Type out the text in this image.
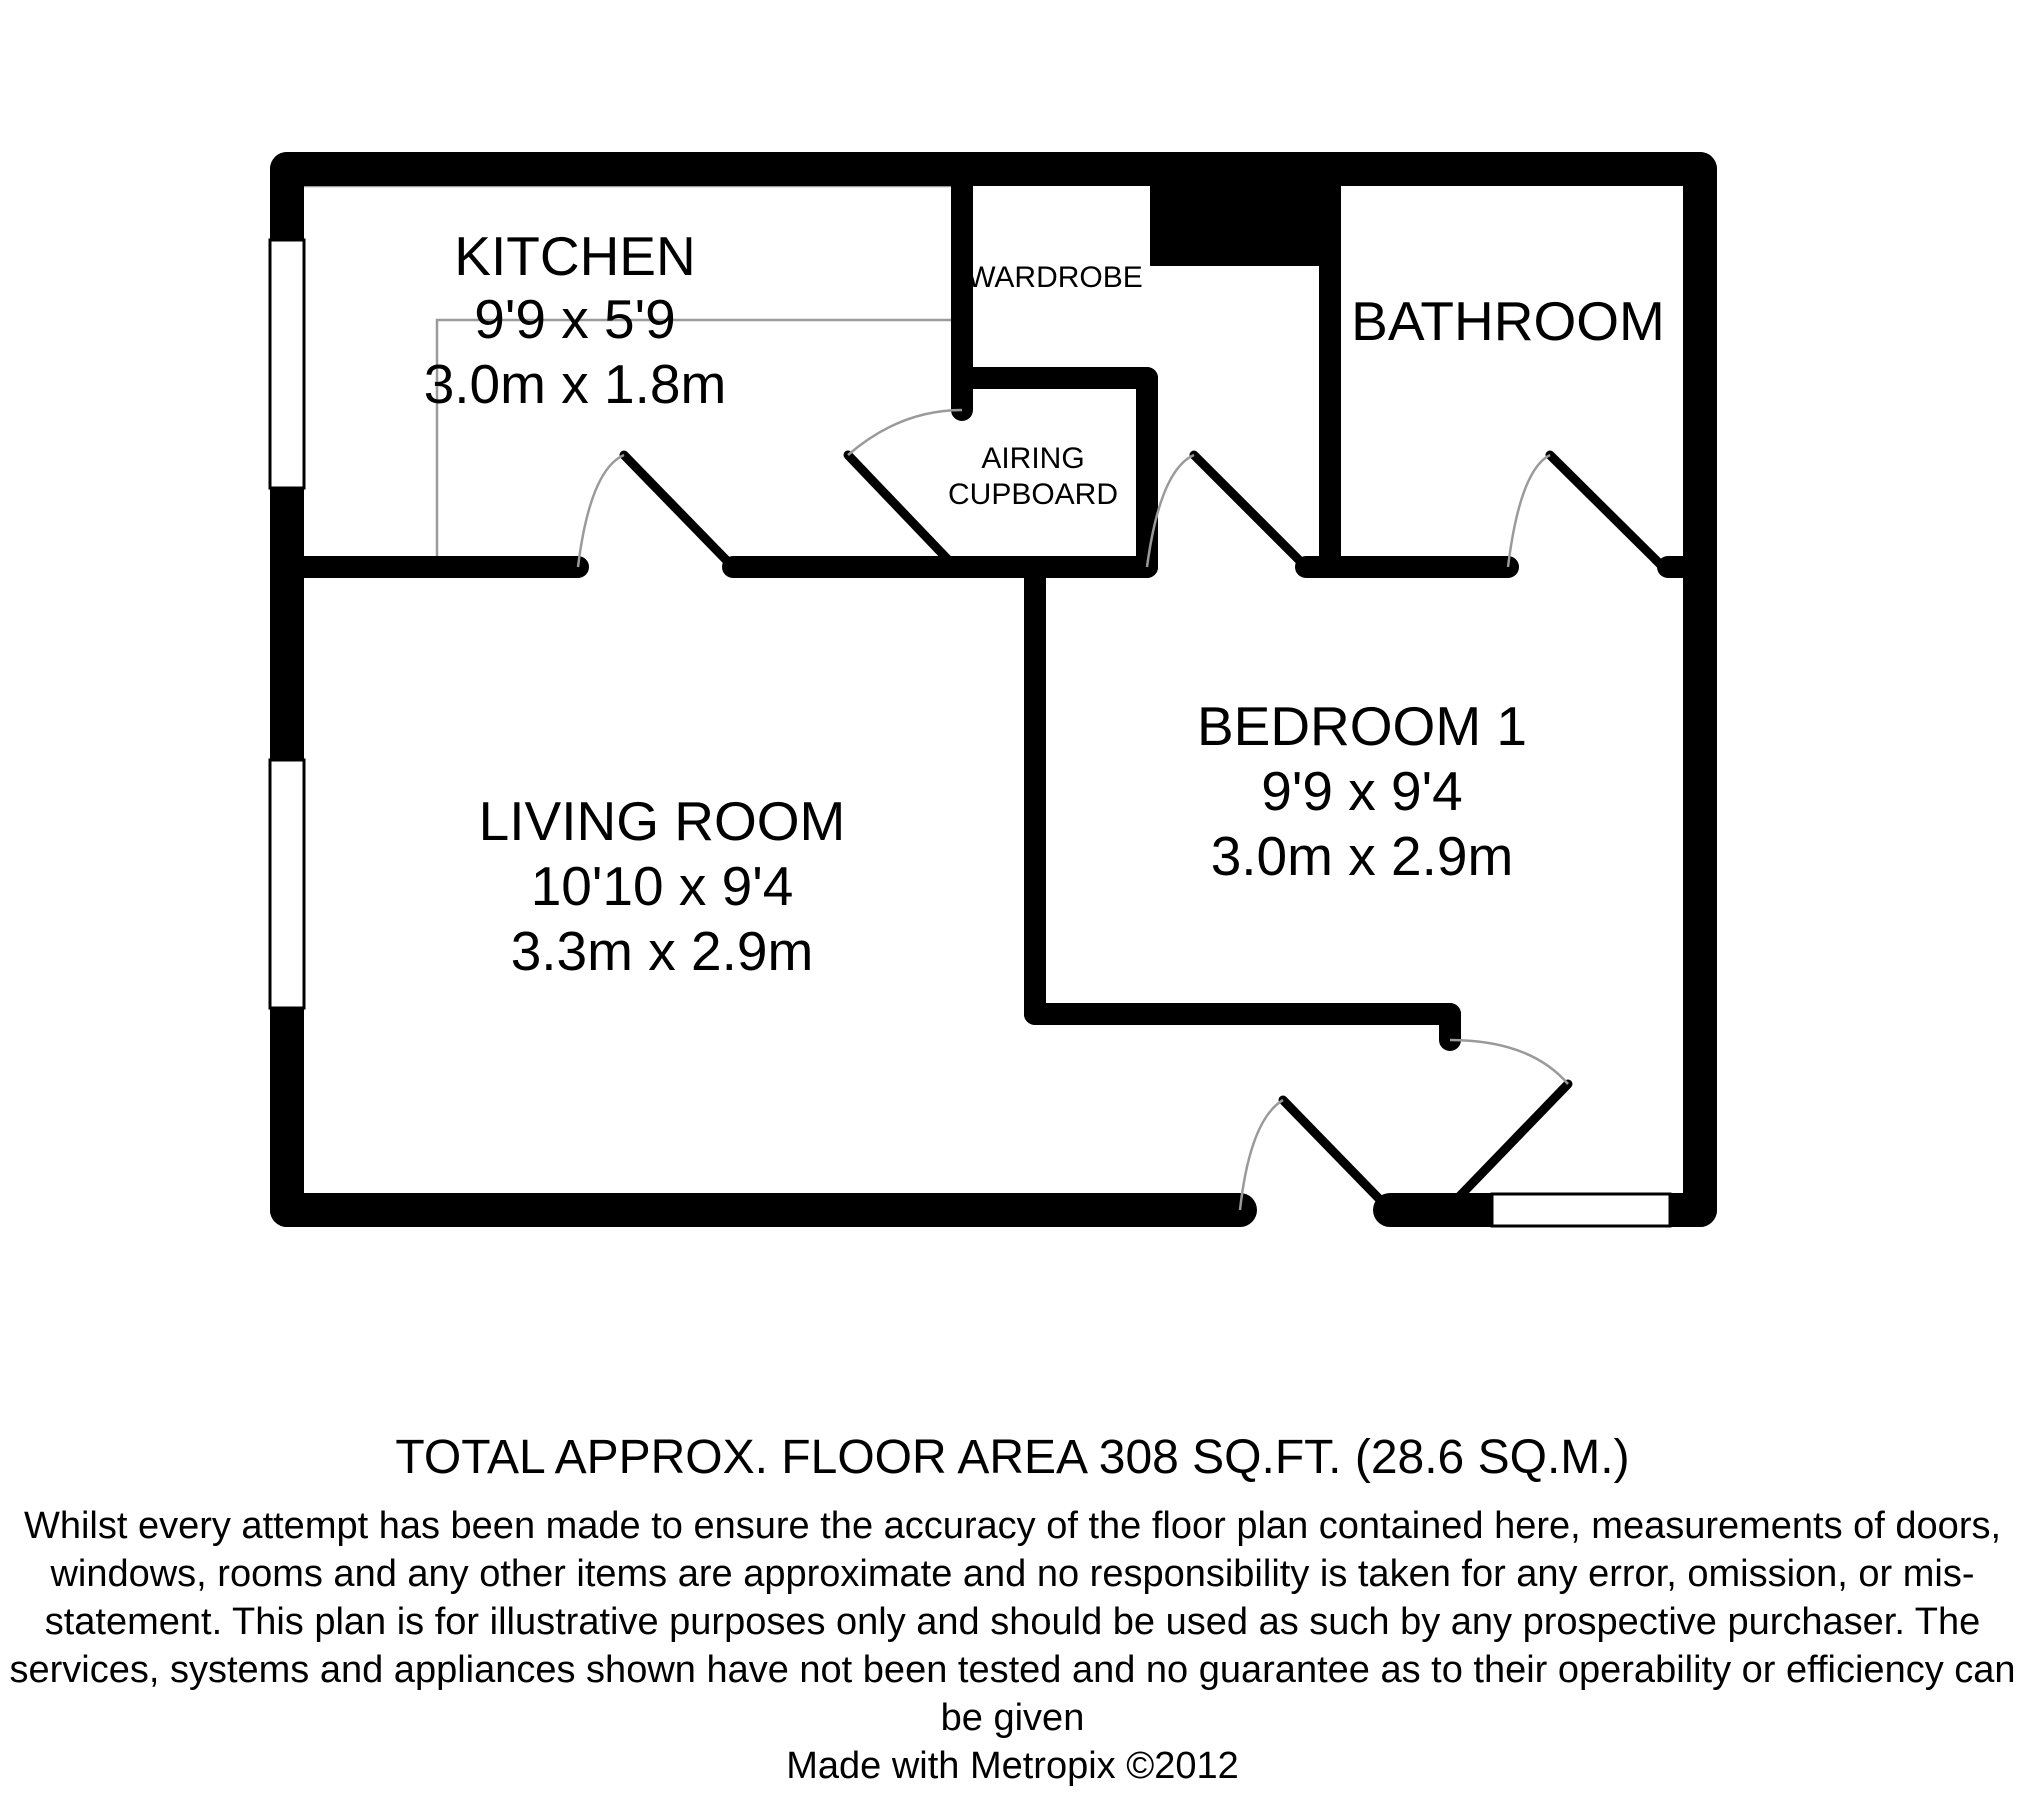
KITCHEN
9'9 x 5'9
3.0m x 1.8m
WARDROBE
BATHROOM
AIRING
CUPBOARD
LIVING ROOM
10'10 x 9'4
3.3m x 2.9m
BEDROOM 1
9'9 x 9'4
3.0m x 2.9m
TOTAL APPROX. FLOOR AREA 308 SQ.FT. (28.6 SQ.M.)
Whilst every attempt has been made to ensure the accuracy of the floor plan contained here, measurements of doors, windows, rooms and any other items are approximate and no responsibility is taken for any error, omission, or mis-statement. This plan is for illustrative purposes only and should be used as such by any prospective purchaser. The services, systems and appliances shown have not been tested and no guarantee as to their operability or efficiency can be given
Made with Metropix ©2012
